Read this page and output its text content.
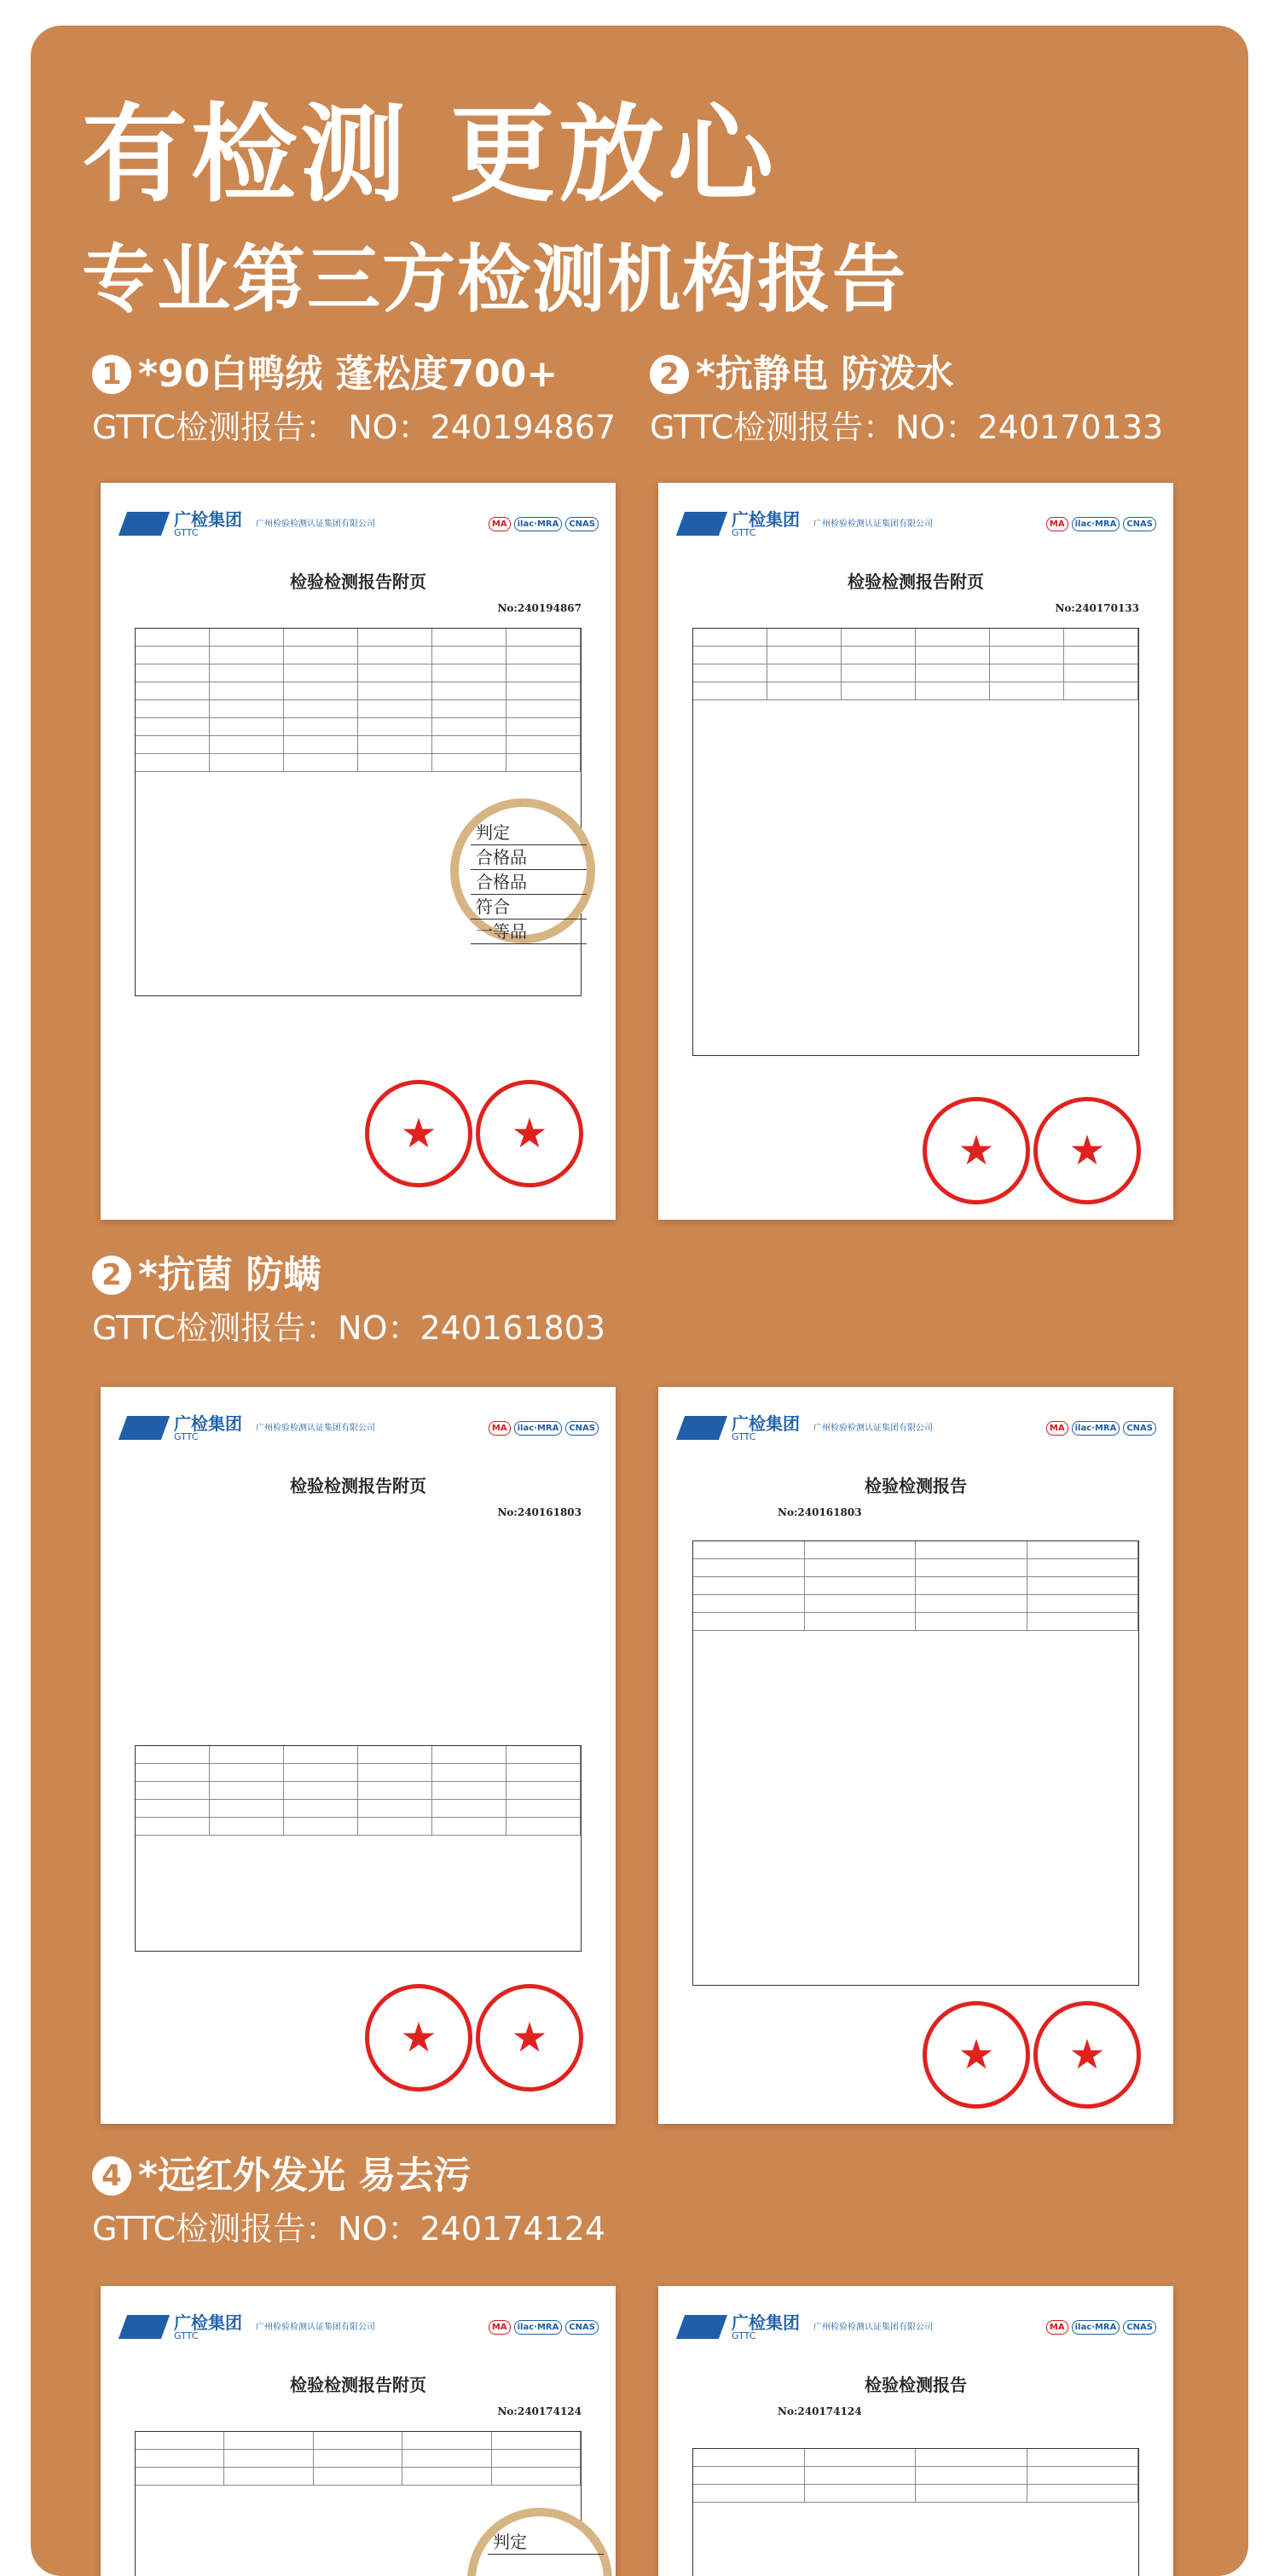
有检测 更放心
专业第三方检测机构报告
1 *90白鸭绒 蓬松度700+
GTTC检测报告： NO：240194867
2 *抗静电 防泼水
GTTC检测报告：NO：240170133
广检集团
GTTC
广州检验检测认证集团有限公司	MA	ilac·MRA	CNAS
检验检测报告附页
No:240194867
判定
合格品
合格品
符合
一等品
★	★
广检集团
GTTC
广州检验检测认证集团有限公司	MA	ilac·MRA	CNAS
检验检测报告附页
No:240170133
★	★
2 *抗菌 防螨
GTTC检测报告：NO：240161803
广检集团
GTTC
广州检验检测认证集团有限公司	MA	ilac·MRA	CNAS
检验检测报告附页
No:240161803
★	★
广检集团
GTTC
广州检验检测认证集团有限公司	MA	ilac·MRA	CNAS
检验检测报告
No:240161803
★	★
4 *远红外发光 易去污
GTTC检测报告：NO：240174124
广检集团
GTTC
广州检验检测认证集团有限公司	MA	ilac·MRA	CNAS
检验检测报告附页
No:240174124
判定
广检集团
GTTC
广州检验检测认证集团有限公司	MA	ilac·MRA	CNAS
检验检测报告
No:240174124
